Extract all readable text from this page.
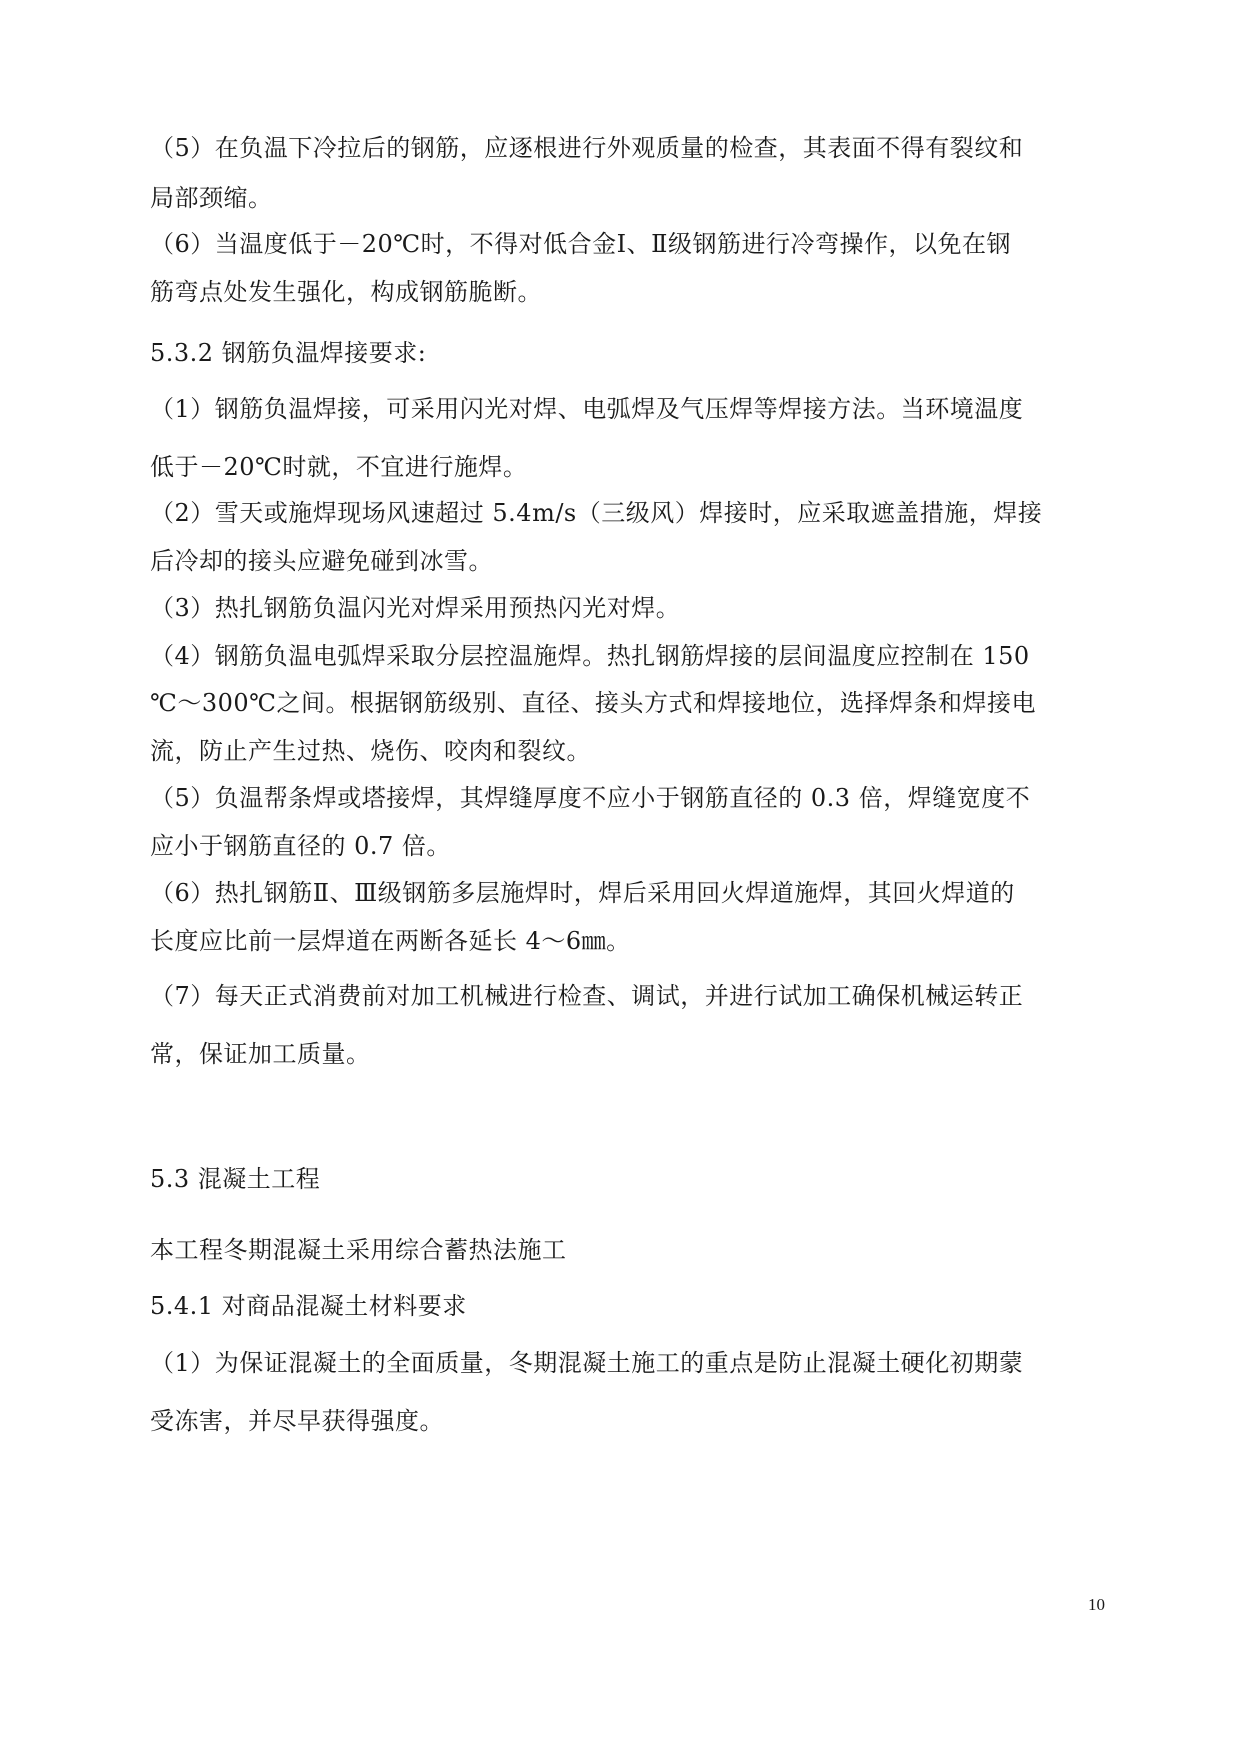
（5）在负温下冷拉后的钢筋，应逐根进行外观质量的检查，其表面不得有裂纹和
局部颈缩。
（6）当温度低于－20℃时，不得对低合金Ⅰ、Ⅱ级钢筋进行冷弯操作，以免在钢
筋弯点处发生强化，构成钢筋脆断。
5.3.2 钢筋负温焊接要求:
（1）钢筋负温焊接，可采用闪光对焊、电弧焊及气压焊等焊接方法。当环境温度
低于－20℃时就，不宜进行施焊。
（2）雪天或施焊现场风速超过 5.4m/s（三级风）焊接时，应采取遮盖措施，焊接
后冷却的接头应避免碰到冰雪。
（3）热扎钢筋负温闪光对焊采用预热闪光对焊。
（4）钢筋负温电弧焊采取分层控温施焊。热扎钢筋焊接的层间温度应控制在 150
℃～300℃之间。根据钢筋级别、直径、接头方式和焊接地位，选择焊条和焊接电
流，防止产生过热、烧伤、咬肉和裂纹。
（5）负温帮条焊或塔接焊，其焊缝厚度不应小于钢筋直径的 0.3 倍，焊缝宽度不
应小于钢筋直径的 0.7 倍。
（6）热扎钢筋Ⅱ、Ⅲ级钢筋多层施焊时，焊后采用回火焊道施焊，其回火焊道的
长度应比前一层焊道在两断各延长 4～6㎜。
（7）每天正式消费前对加工机械进行检查、调试，并进行试加工确保机械运转正
常，保证加工质量。
5.3 混凝土工程
本工程冬期混凝土采用综合蓄热法施工
5.4.1 对商品混凝土材料要求
（1）为保证混凝土的全面质量，冬期混凝土施工的重点是防止混凝土硬化初期蒙
受冻害，并尽早获得强度。
10
